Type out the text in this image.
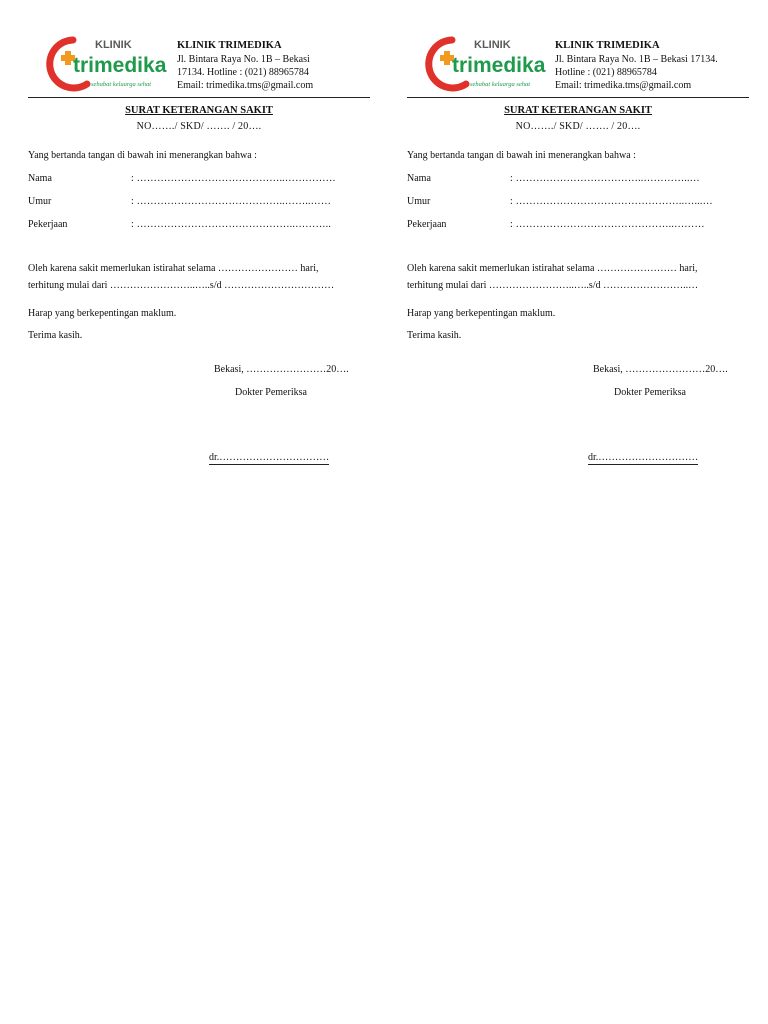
KLINIK
trimedika
sehabat keluarga sehat
KLINIK TRIMEDIKA
Jl. Bintara Raya No. 1B – Bekasi
17134. Hotline : (021) 88965784
Email: trimedika.tms@gmail.com
SURAT KETERANGAN SAKIT
NO……./ SKD/ ……. / 20….
Yang bertanda tangan di bawah ini menerangkan bahwa :
Nama	: ……………………………………..……………
Umur	: ……………………………………..……..……
Pekerjaan	: ………………………………………..………..
Oleh karena sakit memerlukan istirahat selama …………………… hari,
terhitung mulai dari ……………………..…..s/d ……………………………
Harap yang berkepentingan maklum.
Terima kasih.
Bekasi, ……………………20….
Dokter Pemeriksa
dr.……………………………
KLINIK
trimedika
sehabat keluarga sehat
KLINIK TRIMEDIKA
Jl. Bintara Raya No. 1B – Bekasi 17134.
Hotline : (021) 88965784
Email: trimedika.tms@gmail.com
SURAT KETERANGAN SAKIT
NO……./ SKD/ ……. / 20….
Yang bertanda tangan di bawah ini menerangkan bahwa :
Nama	: ………………………………..…………..…
Umur	: …………………………………………..…...…
Pekerjaan	: ………………………………………..………
Oleh karena sakit memerlukan istirahat selama …………………… hari,
terhitung mulai dari ……………………..…..s/d ……………………..…
Harap yang berkepentingan maklum.
Terima kasih.
Bekasi, ……………………20….
Dokter Pemeriksa
dr.…………………………
